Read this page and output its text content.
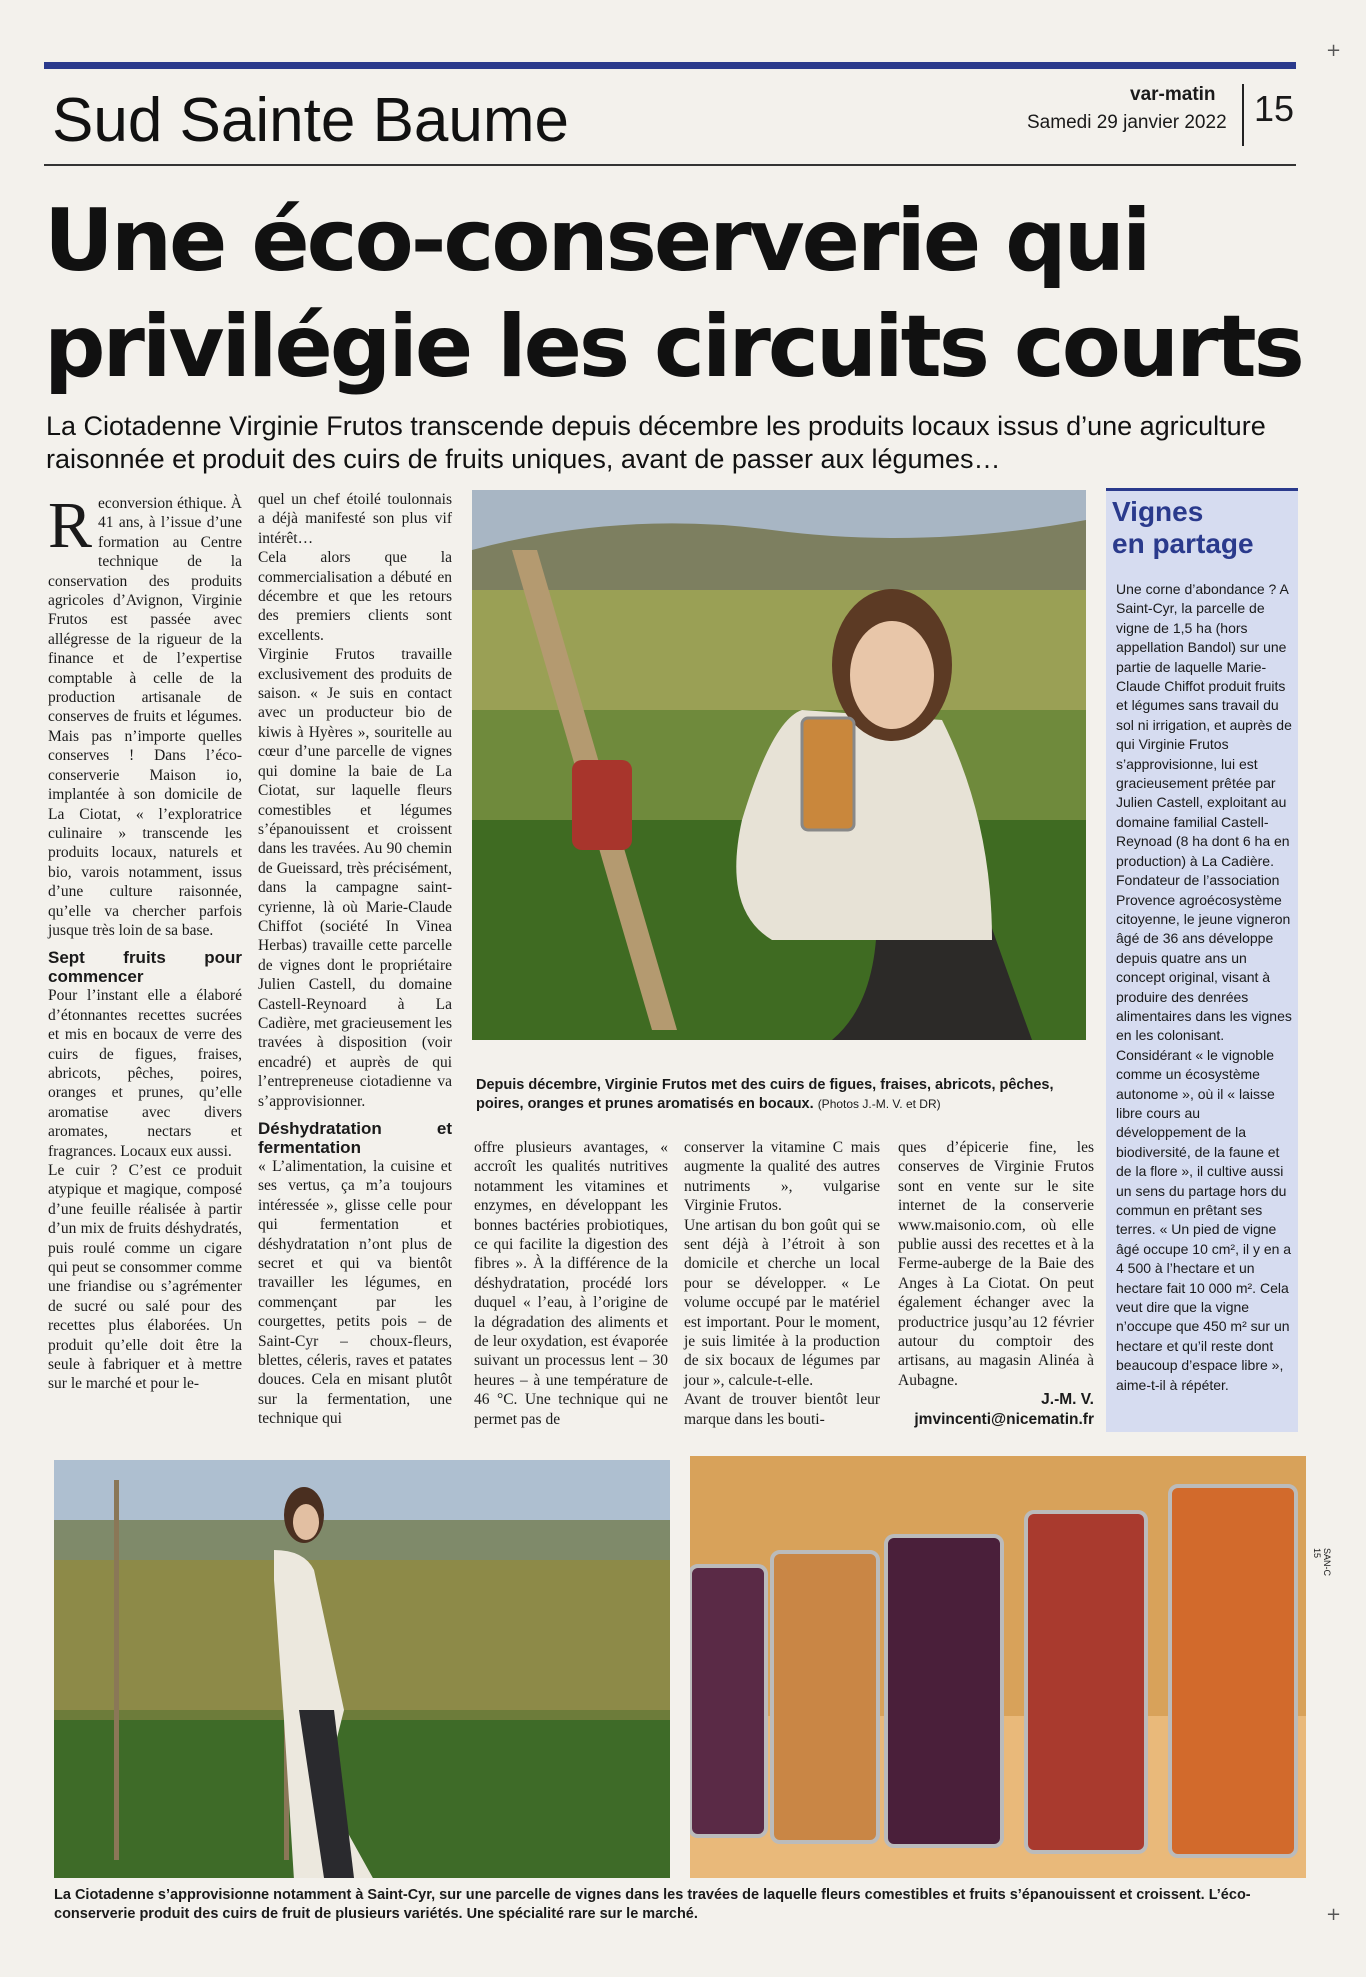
+
+
Sud Sainte Baume	var-matin
Samedi 29 janvier 2022 15
Une éco-conserverie qui
privilégie les circuits courts
La Ciotadenne Virginie Frutos transcende depuis décembre les produits locaux issus d’une agriculture raisonnée et produit des cuirs de fruits uniques, avant de passer aux légumes…

Reconversion éthique. À 41 ans, à l’issue d’une formation au Centre technique de la conservation des produits agricoles d’Avignon, Virginie Frutos est passée avec allégresse de la rigueur de la finance et de l’expertise comptable à celle de la production artisanale de conserves de fruits et légumes. Mais pas n’importe quelles conserves ! Dans l’éco-conserverie Maison io, implantée à son domicile de La Ciotat, « l’exploratrice culinaire » transcende les produits locaux, naturels et bio, varois notamment, issus d’une culture raisonnée, qu’elle va chercher parfois jusque très loin de sa base.

Sept fruits pour commencer

Pour l’instant elle a élaboré d’étonnantes recettes sucrées et mis en bocaux de verre des cuirs de figues, fraises, abricots, pêches, poires, oranges et prunes, qu’elle aromatise avec divers aromates, nectars et fragrances. Locaux eux aussi.

Le cuir ? C’est ce produit atypique et magique, composé d’une feuille réalisée à partir d’un mix de fruits déshydratés, puis roulé comme un cigare qui peut se consommer comme une friandise ou s’agrémenter de sucré ou salé pour des recettes plus élaborées. Un produit qu’elle doit être la seule à fabriquer et à mettre sur le marché et pour le-

quel un chef étoilé toulonnais a déjà manifesté son plus vif intérêt…

Cela alors que la commercialisation a débuté en décembre et que les retours des premiers clients sont excellents.

Virginie Frutos travaille exclusivement des produits de saison. « Je suis en contact avec un producteur bio de kiwis à Hyères », souritelle au cœur d’une parcelle de vignes qui domine la baie de La Ciotat, sur laquelle fleurs comestibles et légumes s’épanouissent et croissent dans les travées. Au 90 chemin de Gueissard, très précisément, dans la campagne saint-cyrienne, là où Marie-Claude Chiffot (société In Vinea Herbas) travaille cette parcelle de vignes dont le propriétaire Julien Castell, du domaine Castell-Reynoard à La Cadière, met gracieusement les travées à disposition (voir encadré) et auprès de qui l’entrepreneuse ciotadienne va s’approvisionner.

Déshydratation et fermentation

« L’alimentation, la cuisine et ses vertus, ça m’a toujours intéressée », glisse celle pour qui fermentation et déshydratation n’ont plus de secret et qui va bientôt travailler les légumes, en commençant par les courgettes, petits pois – de Saint-Cyr – choux-fleurs, blettes, céleris, raves et patates douces. Cela en misant plutôt sur la fermentation, une technique qui

Depuis décembre, Virginie Frutos met des cuirs de figues, fraises, abricots, pêches, poires, oranges et prunes aromatisés en bocaux. (Photos J.-M. V. et DR)

offre plusieurs avantages, « accroît les qualités nutritives notamment les vitamines et enzymes, en développant les bonnes bactéries probiotiques, ce qui facilite la digestion des fibres ». À la différence de la déshydratation, procédé lors duquel « l’eau, à l’origine de la dégradation des aliments et de leur oxydation, est évaporée suivant un processus lent – 30 heures – à une température de 46 °C. Une technique qui ne permet pas de

conserver la vitamine C mais augmente la qualité des autres nutriments », vulgarise Virginie Frutos.

Une artisan du bon goût qui se sent déjà à l’étroit à son domicile et cherche un local pour se développer. « Le volume occupé par le matériel est important. Pour le moment, je suis limitée à la production de six bocaux de légumes par jour », calcule-t-elle.

Avant de trouver bientôt leur marque dans les bouti-

ques d’épicerie fine, les conserves de Virginie Frutos sont en vente sur le site internet de la conserverie www.maisonio.com, où elle publie aussi des recettes et à la Ferme-auberge de la Baie des Anges à La Ciotat. On peut également échanger avec la productrice jusqu’au 12 février autour du comptoir des artisans, au magasin Alinéa à Aubagne.

J.-M. V.

jmvincenti@nicematin.fr

Vignes
en partage
Une corne d’abondance ? A Saint-Cyr, la parcelle de vigne de 1,5 ha (hors appellation Bandol) sur une partie de laquelle Marie-Claude Chiffot produit fruits et légumes sans travail du sol ni irrigation, et auprès de qui Virginie Frutos s’approvisionne, lui est gracieusement prêtée par Julien Castell, exploitant au domaine familial Castell-Reynoad (8 ha dont 6 ha en production) à La Cadière. Fondateur de l’association Provence agroécosystème citoyenne, le jeune vigneron âgé de 36 ans développe depuis quatre ans un concept original, visant à produire des denrées alimentaires dans les vignes en les colonisant. Considérant « le vignoble comme un écosystème autonome », où il « laisse libre cours au développement de la biodiversité, de la faune et de la flore », il cultive aussi un sens du partage hors du commun en prêtant ses terres. « Un pied de vigne âgé occupe 10 cm², il y en a 4 500 à l’hectare et un hectare fait 10 000 m². Cela veut dire que la vigne n’occupe que 450 m² sur un hectare et qu’il reste dont beaucoup d’espace libre », aime-t-il à répéter.
La Ciotadenne s’approvisionne notamment à Saint-Cyr, sur une parcelle de vignes dans les travées de laquelle fleurs comestibles et fruits s’épanouissent et croissent. L’éco-conserverie produit des cuirs de fruit de plusieurs variétés. Une spécialité rare sur le marché.
SAN-C 15
